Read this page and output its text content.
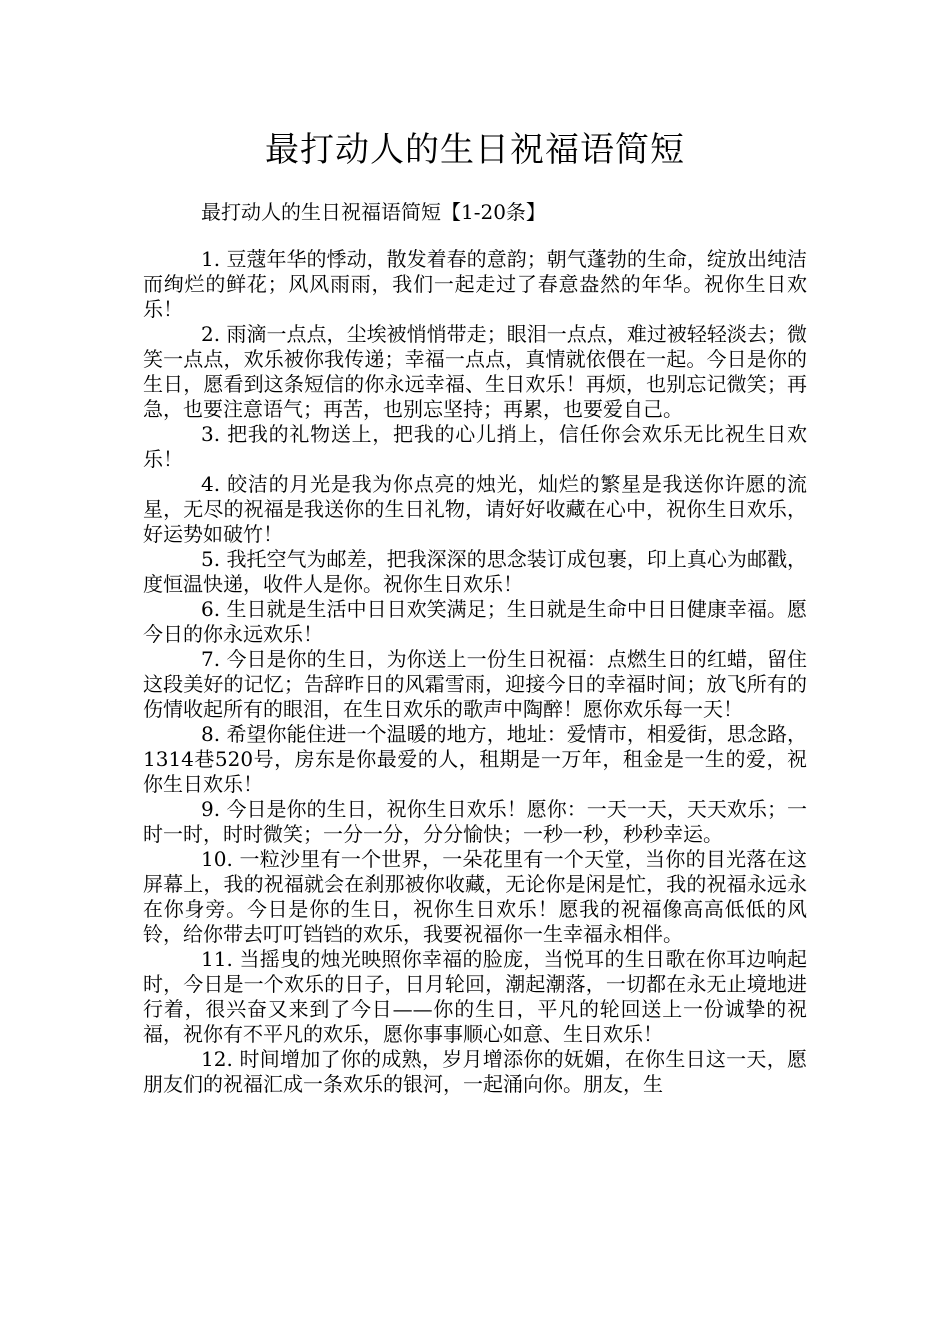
最打动人的生日祝福语简短

最打动人的生日祝福语简短【1-20条】

1. 豆蔻年华的悸动，散发着春的意韵；朝气蓬勃的生命，绽放出纯洁而绚烂的鲜花；风风雨雨，我们一起走过了春意盎然的年华。祝你生日欢乐！

2. 雨滴一点点，尘埃被悄悄带走；眼泪一点点，难过被轻轻淡去；微笑一点点，欢乐被你我传递；幸福一点点，真情就依偎在一起。今日是你的生日，愿看到这条短信的你永远幸福、生日欢乐！再烦，也别忘记微笑；再急，也要注意语气；再苦，也别忘坚持；再累，也要爱自己。

3. 把我的礼物送上，把我的心儿捎上，信任你会欢乐无比祝生日欢乐！

4. 皎洁的月光是我为你点亮的烛光，灿烂的繁星是我送你许愿的流星，无尽的祝福是我送你的生日礼物，请好好收藏在心中，祝你生日欢乐，好运势如破竹！

5. 我托空气为邮差，把我深深的思念装订成包裹，印上真心为邮戳，度恒温快递，收件人是你。祝你生日欢乐！

6. 生日就是生活中日日欢笑满足；生日就是生命中日日健康幸福。愿今日的你永远欢乐！

7. 今日是你的生日，为你送上一份生日祝福：点燃生日的红蜡，留住这段美好的记忆；告辞昨日的风霜雪雨，迎接今日的幸福时间；放飞所有的伤情收起所有的眼泪，在生日欢乐的歌声中陶醉！愿你欢乐每一天！

8. 希望你能住进一个温暖的地方，地址：爱情市，相爱街，思念路，1314巷520号，房东是你最爱的人，租期是一万年，租金是一生的爱，祝你生日欢乐！

9. 今日是你的生日，祝你生日欢乐！愿你：一天一天，天天欢乐；一时一时，时时微笑；一分一分，分分愉快；一秒一秒，秒秒幸运。

10. 一粒沙里有一个世界，一朵花里有一个天堂，当你的目光落在这屏幕上，我的祝福就会在刹那被你收藏，无论你是闲是忙，我的祝福永远永在你身旁。今日是你的生日，祝你生日欢乐！愿我的祝福像高高低低的风铃，给你带去叮叮铛铛的欢乐，我要祝福你一生幸福永相伴。

11. 当摇曳的烛光映照你幸福的脸庞，当悦耳的生日歌在你耳边响起时，今日是一个欢乐的日子，日月轮回，潮起潮落，一切都在永无止境地进行着，很兴奋又来到了今日——你的生日，平凡的轮回送上一份诚挚的祝福，祝你有不平凡的欢乐，愿你事事顺心如意、生日欢乐！

12. 时间增加了你的成熟，岁月增添你的妩媚，在你生日这一天，愿朋友们的祝福汇成一条欢乐的银河，一起涌向你。朋友，生
